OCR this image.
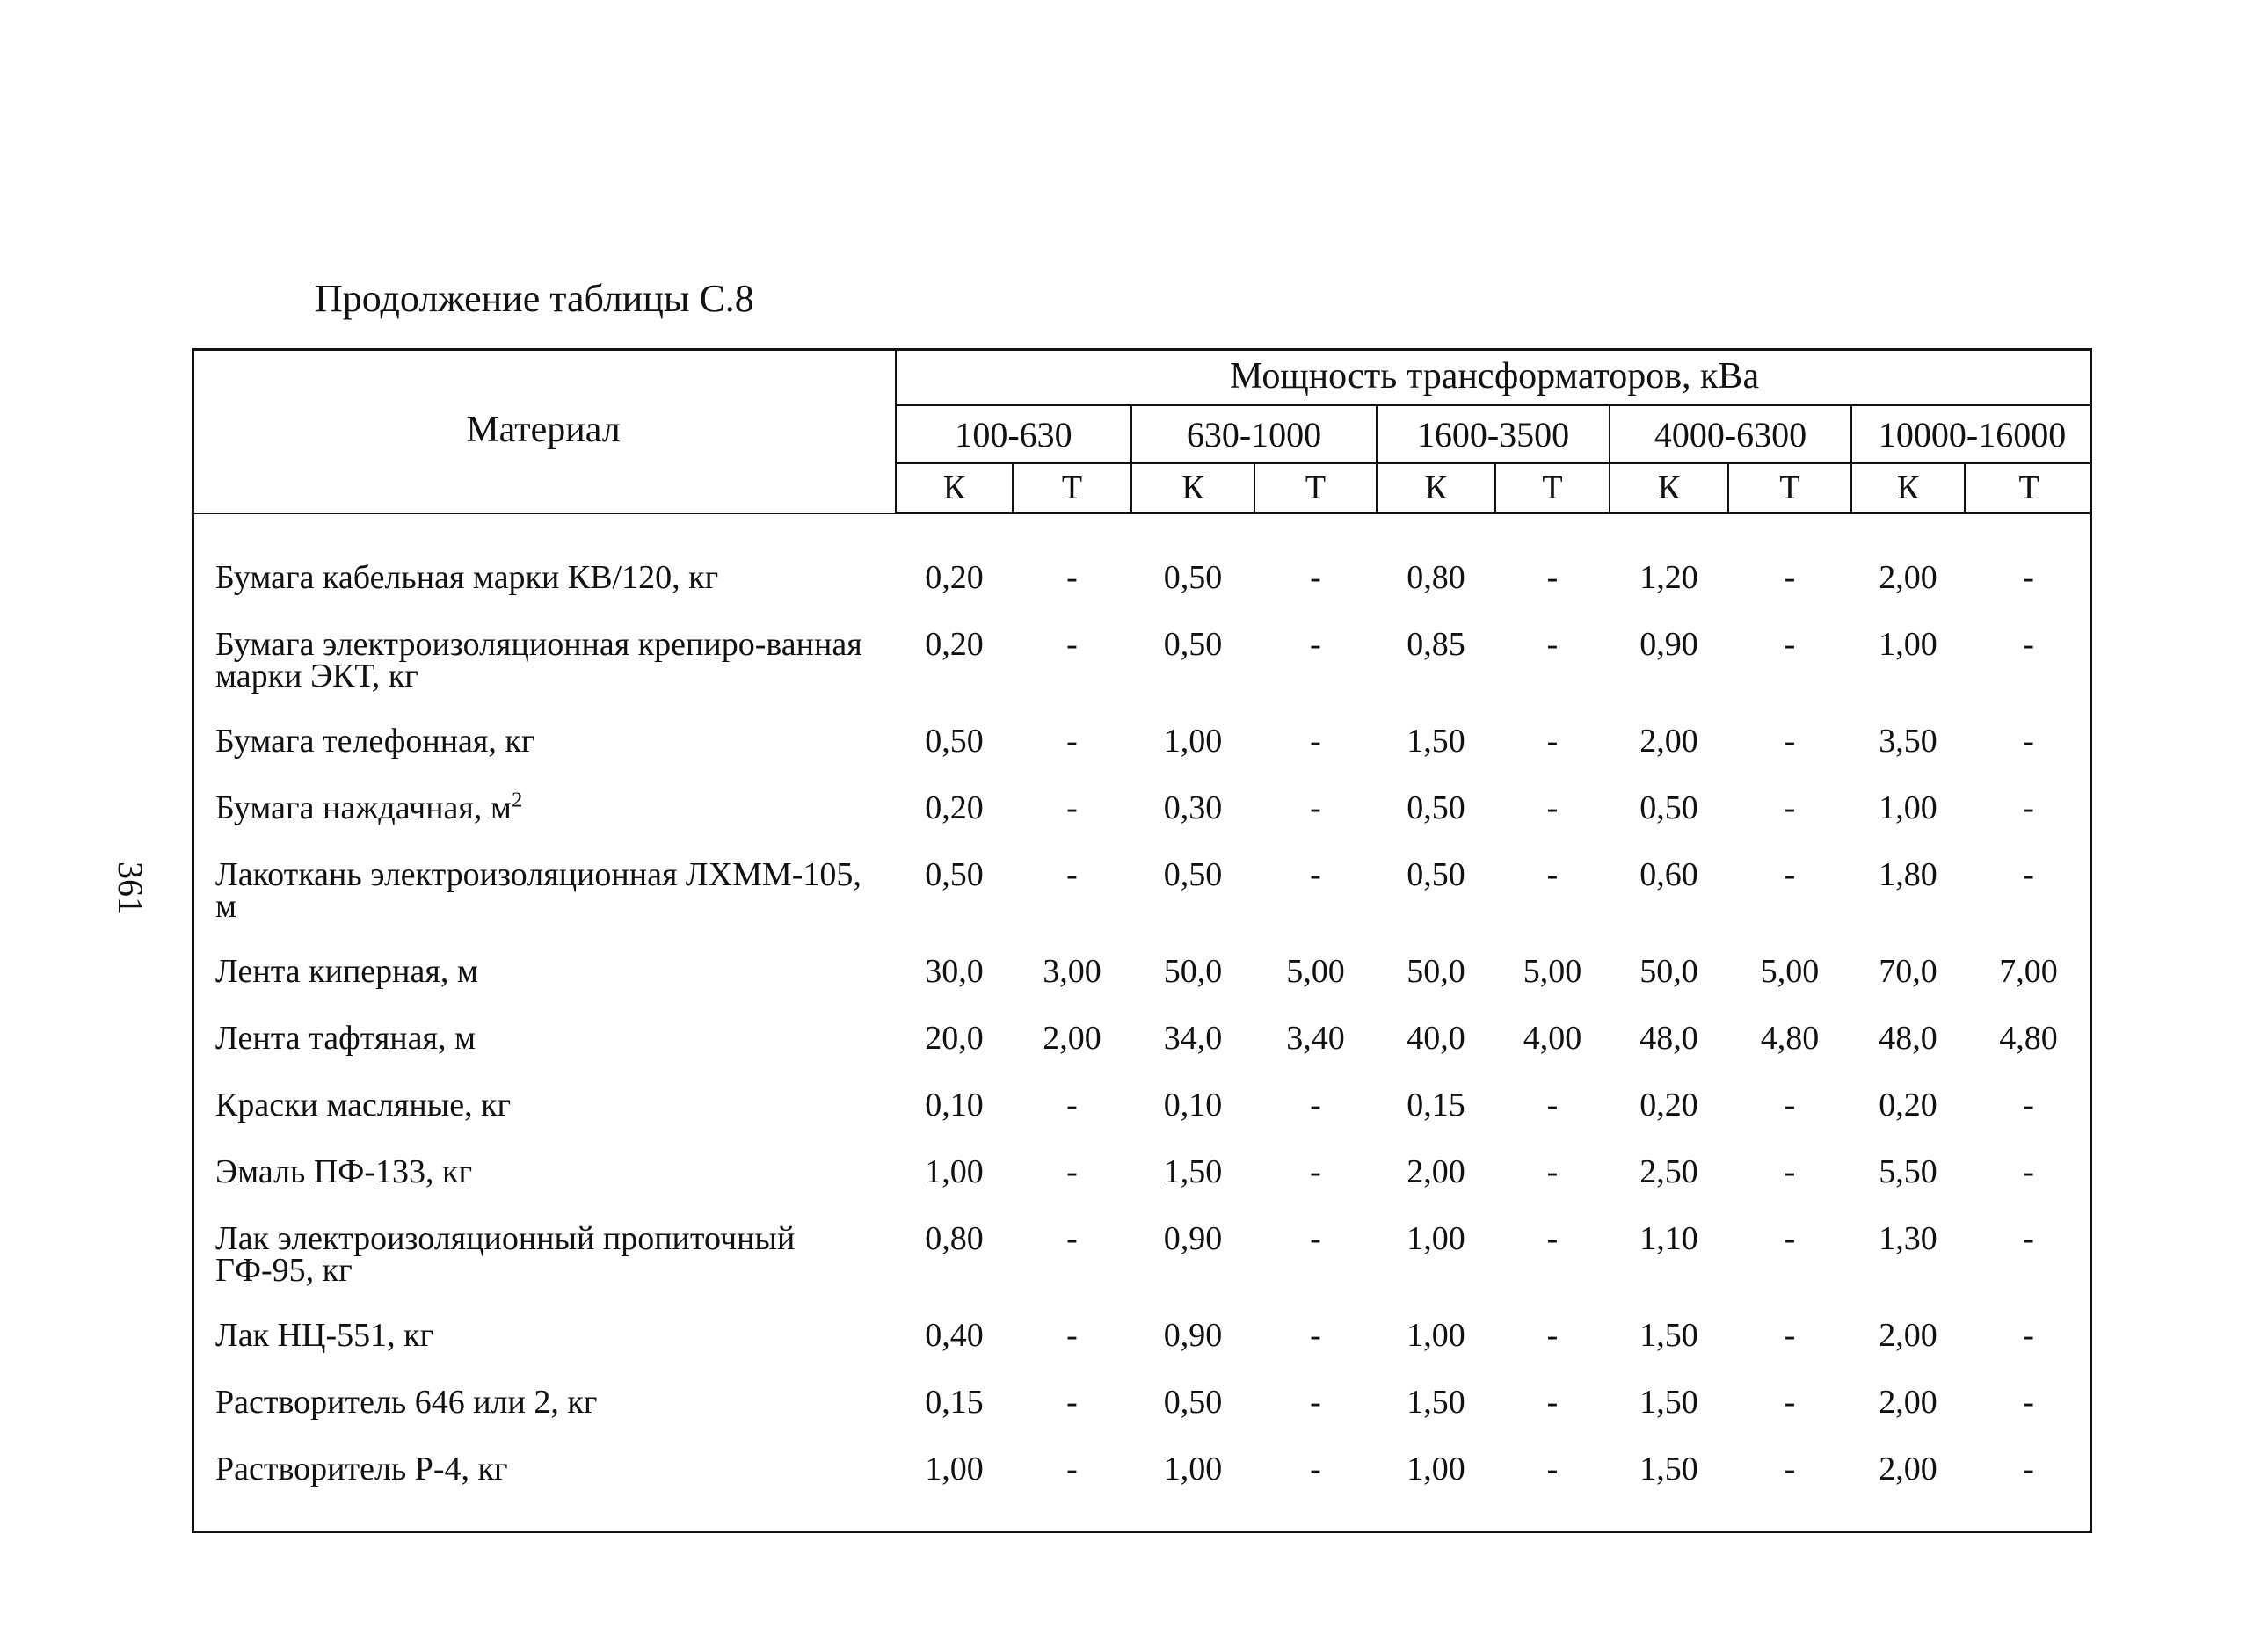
Продолжение таблицы С.8
361
Материал	Мощность трансформаторов, кВа									
	100-630		630-1000		1600-3500		4000-6300		10000-16000	
	К	Т	К	Т	К	Т	К	Т	К	Т

Бумага кабельная марки КВ/120, кг	0,20	-	0,50	-	0,80	-	1,20	-	2,00	-
Бумага электроизоляционная крепиро-ванная марки ЭКТ, кг	0,20	-	0,50	-	0,85	-	0,90	-	1,00	-
Бумага телефонная, кг	0,50	-	1,00	-	1,50	-	2,00	-	3,50	-
Бумага наждачная, $м^2$	0,20	-	0,30	-	0,50	-	0,50	-	1,00	-
Лакоткань электроизоляционная ЛХММ-105, м	0,50	-	0,50	-	0,50	-	0,60	-	1,80	-
Лента киперная, м	30,0	3,00	50,0	5,00	50,0	5,00	50,0	5,00	70,0	7,00
Лента тафтяная, м	20,0	2,00	34,0	3,40	40,0	4,00	48,0	4,80	48,0	4,80
Краски масляные, кг	0,10	-	0,10	-	0,15	-	0,20	-	0,20	-
Эмаль ПФ-133, кг	1,00	-	1,50	-	2,00	-	2,50	-	5,50	-
Лак электроизоляционный пропиточный ГФ-95, кг	0,80	-	0,90	-	1,00	-	1,10	-	1,30	-
Лак НЦ-551, кг	0,40	-	0,90	-	1,00	-	1,50	-	2,00	-
Растворитель 646 или 2, кг	0,15	-	0,50	-	1,50	-	1,50	-	2,00	-
Растворитель Р-4, кг	1,00	-	1,00	-	1,00	-	1,50	-	2,00	-
